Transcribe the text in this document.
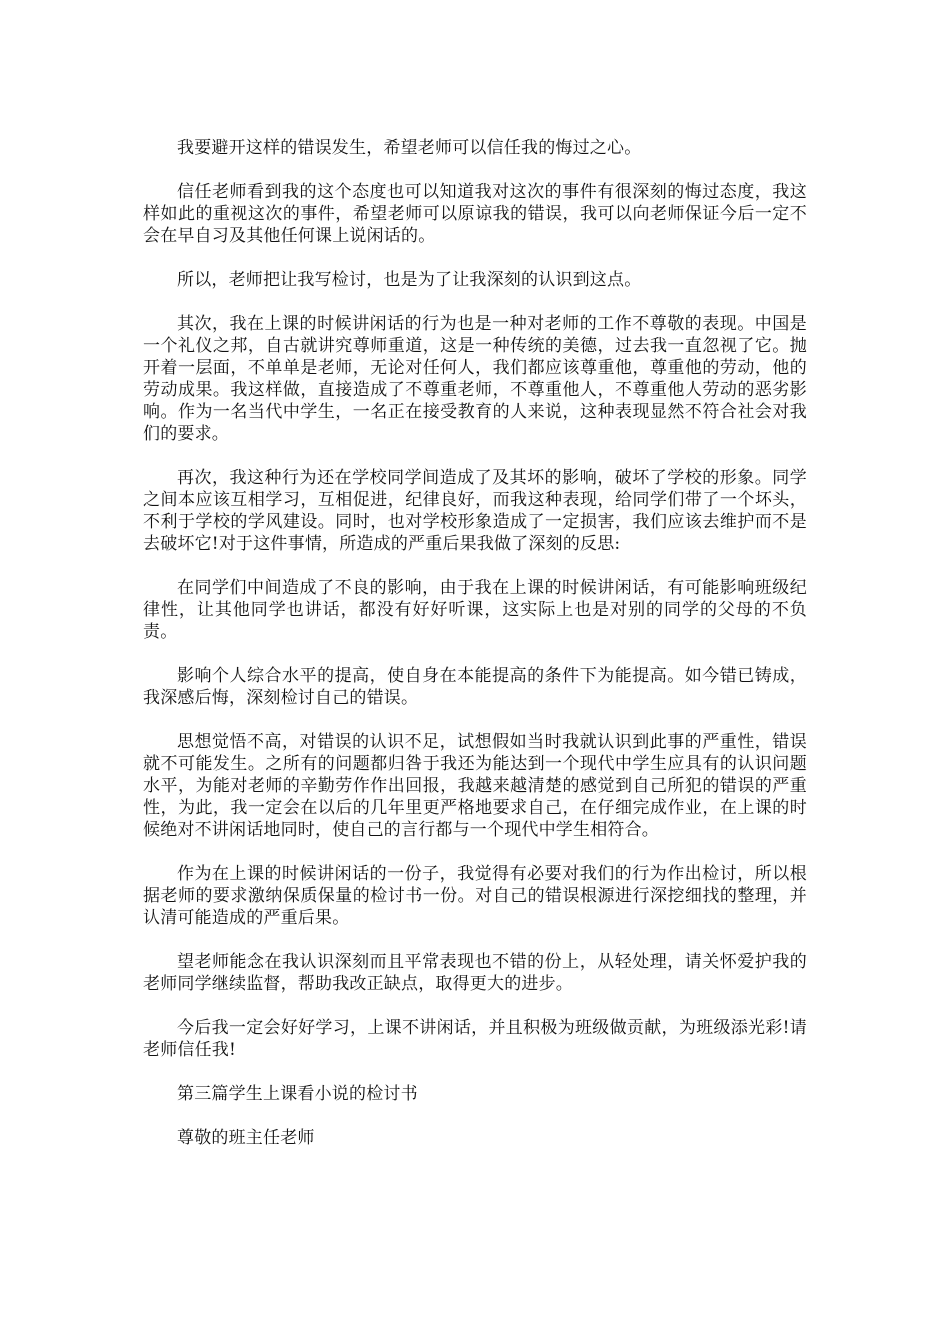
我要避开这样的错误发生，希望老师可以信任我的悔过之心。

信任老师看到我的这个态度也可以知道我对这次的事件有很深刻的悔过态度，我这样如此的重视这次的事件，希望老师可以原谅我的错误，我可以向老师保证今后一定不会在早自习及其他任何课上说闲话的。

所以，老师把让我写检讨，也是为了让我深刻的认识到这点。

其次，我在上课的时候讲闲话的行为也是一种对老师的工作不尊敬的表现。中国是一个礼仪之邦，自古就讲究尊师重道，这是一种传统的美德，过去我一直忽视了它。抛开着一层面，不单单是老师，无论对任何人，我们都应该尊重他，尊重他的劳动，他的劳动成果。我这样做，直接造成了不尊重老师，不尊重他人，不尊重他人劳动的恶劣影响。作为一名当代中学生，一名正在接受教育的人来说，这种表现显然不符合社会对我们的要求。

再次，我这种行为还在学校同学间造成了及其坏的影响，破坏了学校的形象。同学之间本应该互相学习，互相促进，纪律良好，而我这种表现，给同学们带了一个坏头，不利于学校的学风建设。同时，也对学校形象造成了一定损害，我们应该去维护而不是去破坏它!对于这件事情，所造成的严重后果我做了深刻的反思:

在同学们中间造成了不良的影响，由于我在上课的时候讲闲话，有可能影响班级纪律性，让其他同学也讲话，都没有好好听课，这实际上也是对别的同学的父母的不负责。

影响个人综合水平的提高，使自身在本能提高的条件下为能提高。如今错已铸成，我深感后悔，深刻检讨自己的错误。

思想觉悟不高，对错误的认识不足，试想假如当时我就认识到此事的严重性，错误就不可能发生。之所有的问题都归咎于我还为能达到一个现代中学生应具有的认识问题水平，为能对老师的辛勤劳作作出回报，我越来越清楚的感觉到自己所犯的错误的严重性，为此，我一定会在以后的几年里更严格地要求自己，在仔细完成作业，在上课的时候绝对不讲闲话地同时，使自己的言行都与一个现代中学生相符合。

作为在上课的时候讲闲话的一份子，我觉得有必要对我们的行为作出检讨，所以根据老师的要求激纳保质保量的检讨书一份。对自己的错误根源进行深挖细找的整理，并认清可能造成的严重后果。

望老师能念在我认识深刻而且平常表现也不错的份上，从轻处理，请关怀爱护我的老师同学继续监督，帮助我改正缺点，取得更大的进步。

今后我一定会好好学习，上课不讲闲话，并且积极为班级做贡献，为班级添光彩!请老师信任我!

第三篇学生上课看小说的检讨书

尊敬的班主任老师
